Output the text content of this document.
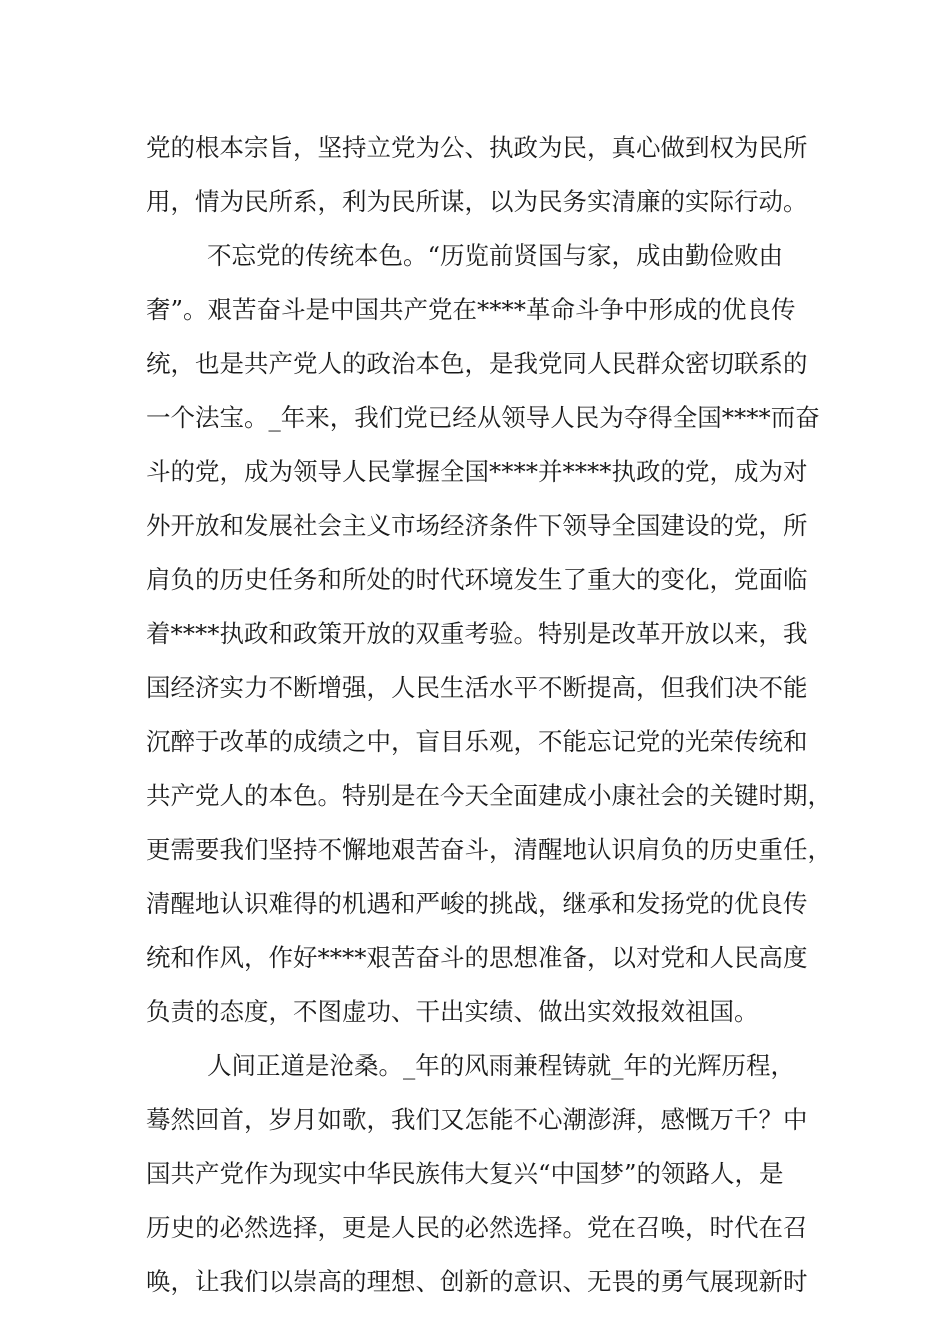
党的根本宗旨，坚持立党为公、执政为民，真心做到权为民所
用，情为民所系，利为民所谋，以为民务实清廉的实际行动。
不忘党的传统本色。“历览前贤国与家，成由勤俭败由
奢”。艰苦奋斗是中国共产党在****革命斗争中形成的优良传
统，也是共产党人的政治本色，是我党同人民群众密切联系的
一个法宝。_年来，我们党已经从领导人民为夺得全国****而奋
斗的党，成为领导人民掌握全国****并****执政的党，成为对
外开放和发展社会主义市场经济条件下领导全国建设的党，所
肩负的历史任务和所处的时代环境发生了重大的变化，党面临
着****执政和政策开放的双重考验。特别是改革开放以来，我
国经济实力不断增强，人民生活水平不断提高，但我们决不能
沉醉于改革的成绩之中，盲目乐观，不能忘记党的光荣传统和
共产党人的本色。特别是在今天全面建成小康社会的关键时期，
更需要我们坚持不懈地艰苦奋斗，清醒地认识肩负的历史重任，
清醒地认识难得的机遇和严峻的挑战，继承和发扬党的优良传
统和作风，作好****艰苦奋斗的思想准备，以对党和人民高度
负责的态度，不图虚功、干出实绩、做出实效报效祖国。
人间正道是沧桑。_年的风雨兼程铸就_年的光辉历程，
蓦然回首，岁月如歌，我们又怎能不心潮澎湃，感慨万千？中
国共产党作为现实中华民族伟大复兴“中国梦”的领路人，是
历史的必然选择，更是人民的必然选择。党在召唤，时代在召
唤，让我们以崇高的理想、创新的意识、无畏的勇气展现新时
